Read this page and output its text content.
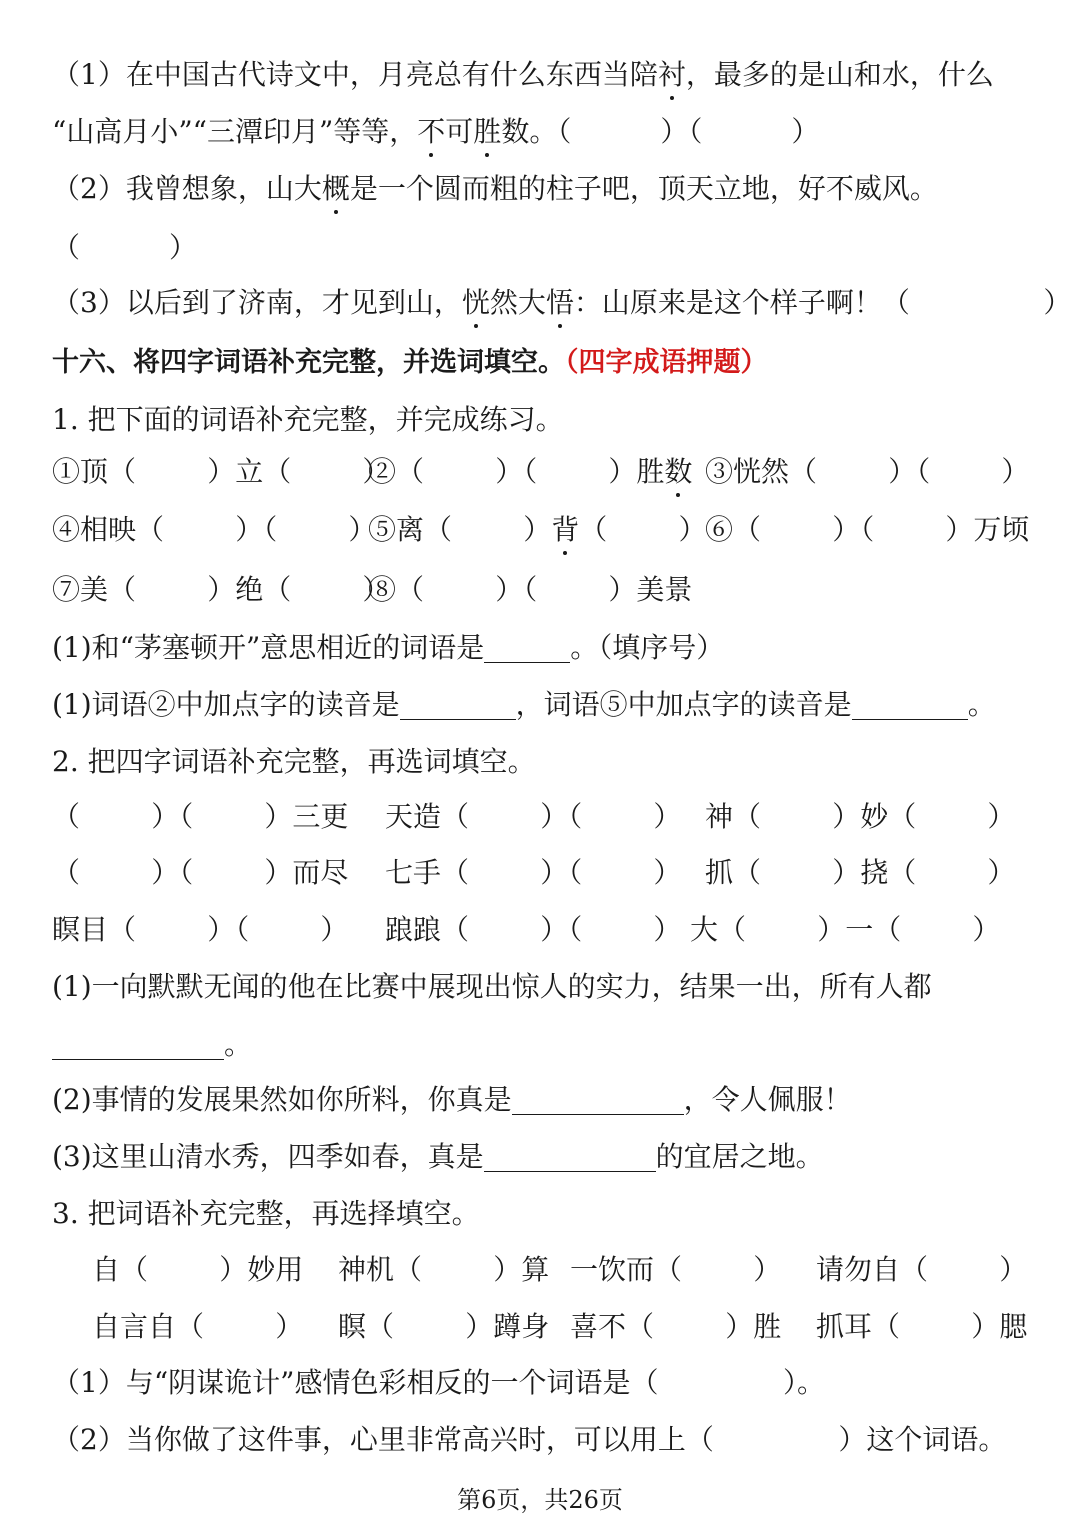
（1）在中国古代诗文中，月亮总有什么东西当陪衬，最多的是山和水，什么
“山高月小”“三潭印月”等等，不可胜数。（          ）（          ）
（2）我曾想象，山大概是一个圆而粗的柱子吧，顶天立地，好不威风。
（          ）
（3）以后到了济南，才见到山，恍然大悟：山原来是这个样子啊！（               ）
十六、将四字词语补充完整，并选词填空。（四字成语押题）
1. 把下面的词语补充完整，并完成练习。
①顶（        ）立（        ）
②（        ）（        ）胜数 ③恍然（        ）（        ）
④相映（        ）（        ）
⑤离（        ）背（        ）
⑥（        ）（        ）万顷
⑦美（        ）绝（        ）
⑧（        ）（        ）美景
(1)和“茅塞顿开”意思相近的词语是	。（填序号）
(1)词语②中加点字的读音是	，词语⑤中加点字的读音是	。
2. 把四字词语补充完整，再选词填空。
（        ）（        ）三更 天造（        ）（        ） 神（        ）妙（        ）
（        ）（        ）而尽 七手（        ）（        ） 抓（        ）挠（        ）
瞑目（        ）（        ） 踉踉（        ）（        ） 大（        ）一（        ）
(1)一向默默无闻的他在比赛中展现出惊人的实力，结果一出，所有人都
。
(2)事情的发展果然如你所料，你真是	，令人佩服！
(3)这里山清水秀，四季如春，真是	的宜居之地。
3. 把词语补充完整，再选择填空。
自（        ）妙用 神机（        ）算 一饮而（        ） 请勿自（        ）
自言自（        ） 瞑（        ）蹲身 喜不（        ）胜 抓耳（        ）腮
（1）与“阴谋诡计”感情色彩相反的一个词语是（              ）。
（2）当你做了这件事，心里非常高兴时，可以用上（              ）这个词语。
第6页，共26页
